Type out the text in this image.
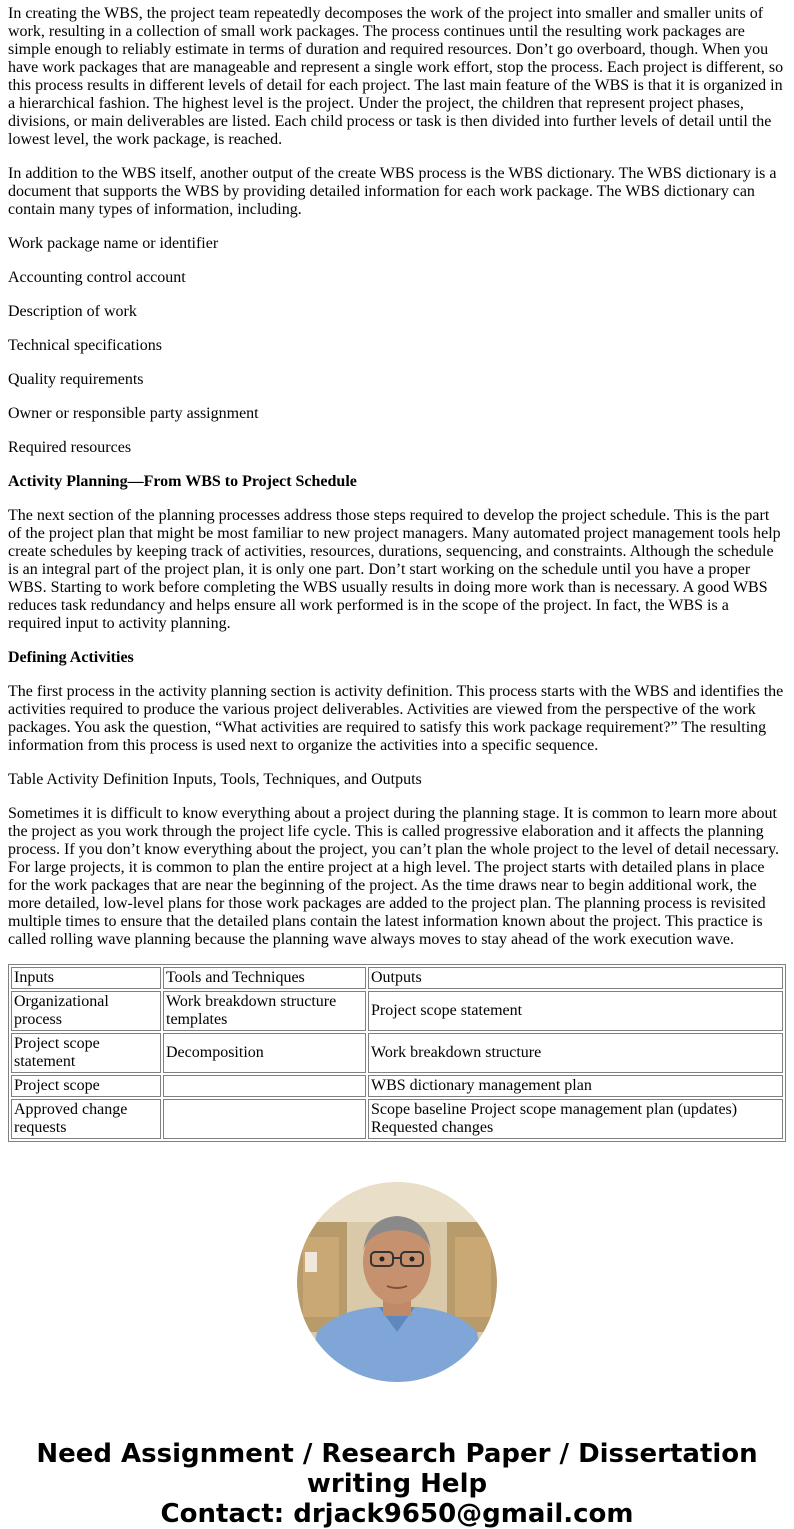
In creating the WBS, the project team repeatedly decomposes the work of the project into smaller and smaller units of work, resulting in a collection of small work packages. The process continues until the resulting work packages are simple enough to reliably estimate in terms of duration and required resources. Don’t go overboard, though. When you have work packages that are manageable and represent a single work effort, stop the process. Each project is different, so this process results in different levels of detail for each project. The last main feature of the WBS is that it is organized in a hierarchical fashion. The highest level is the project. Under the project, the children that represent project phases, divisions, or main deliverables are listed. Each child process or task is then divided into further levels of detail until the lowest level, the work package, is reached.

In addition to the WBS itself, another output of the create WBS process is the WBS dictionary. The WBS dictionary is a document that supports the WBS by providing detailed information for each work package. The WBS dictionary can contain many types of information, including.

Work package name or identifier

Accounting control account

Description of work

Technical specifications

Quality requirements

Owner or responsible party assignment

Required resources

Activity Planning—From WBS to Project Schedule

The next section of the planning processes address those steps required to develop the project schedule. This is the part of the project plan that might be most familiar to new project managers. Many automated project management tools help create schedules by keeping track of activities, resources, durations, sequencing, and constraints. Although the schedule is an integral part of the project plan, it is only one part. Don’t start working on the schedule until you have a proper WBS. Starting to work before completing the WBS usually results in doing more work than is necessary. A good WBS reduces task redundancy and helps ensure all work performed is in the scope of the project. In fact, the WBS is a required input to activity planning.

Defining Activities

The first process in the activity planning section is activity definition. This process starts with the WBS and identifies the activities required to produce the various project deliverables. Activities are viewed from the perspective of the work packages. You ask the question, “What activities are required to satisfy this work package requirement?” The resulting information from this process is used next to organize the activities into a specific sequence.

Table Activity Definition Inputs, Tools, Techniques, and Outputs

Sometimes it is difficult to know everything about a project during the planning stage. It is common to learn more about the project as you work through the project life cycle. This is called progressive elaboration and it affects the planning process. If you don’t know everything about the project, you can’t plan the whole project to the level of detail necessary. For large projects, it is common to plan the entire project at a high level. The project starts with detailed plans in place for the work packages that are near the beginning of the project. As the time draws near to begin additional work, the more detailed, low-level plans for those work packages are added to the project plan. The planning process is revisited multiple times to ensure that the detailed plans contain the latest information known about the project. This practice is called rolling wave planning because the planning wave always moves to stay ahead of the work execution wave.

Inputs	Tools and Techniques	Outputs
Organizational process	Work breakdown structure templates	Project scope statement
Project scope statement	Decomposition	Work breakdown structure
Project scope		WBS dictionary management plan
Approved change requests		Scope baseline Project scope management plan (updates) Requested changes
Need Assignment / Research Paper / Dissertation writing Help
Contact: drjack9650@gmail.com
